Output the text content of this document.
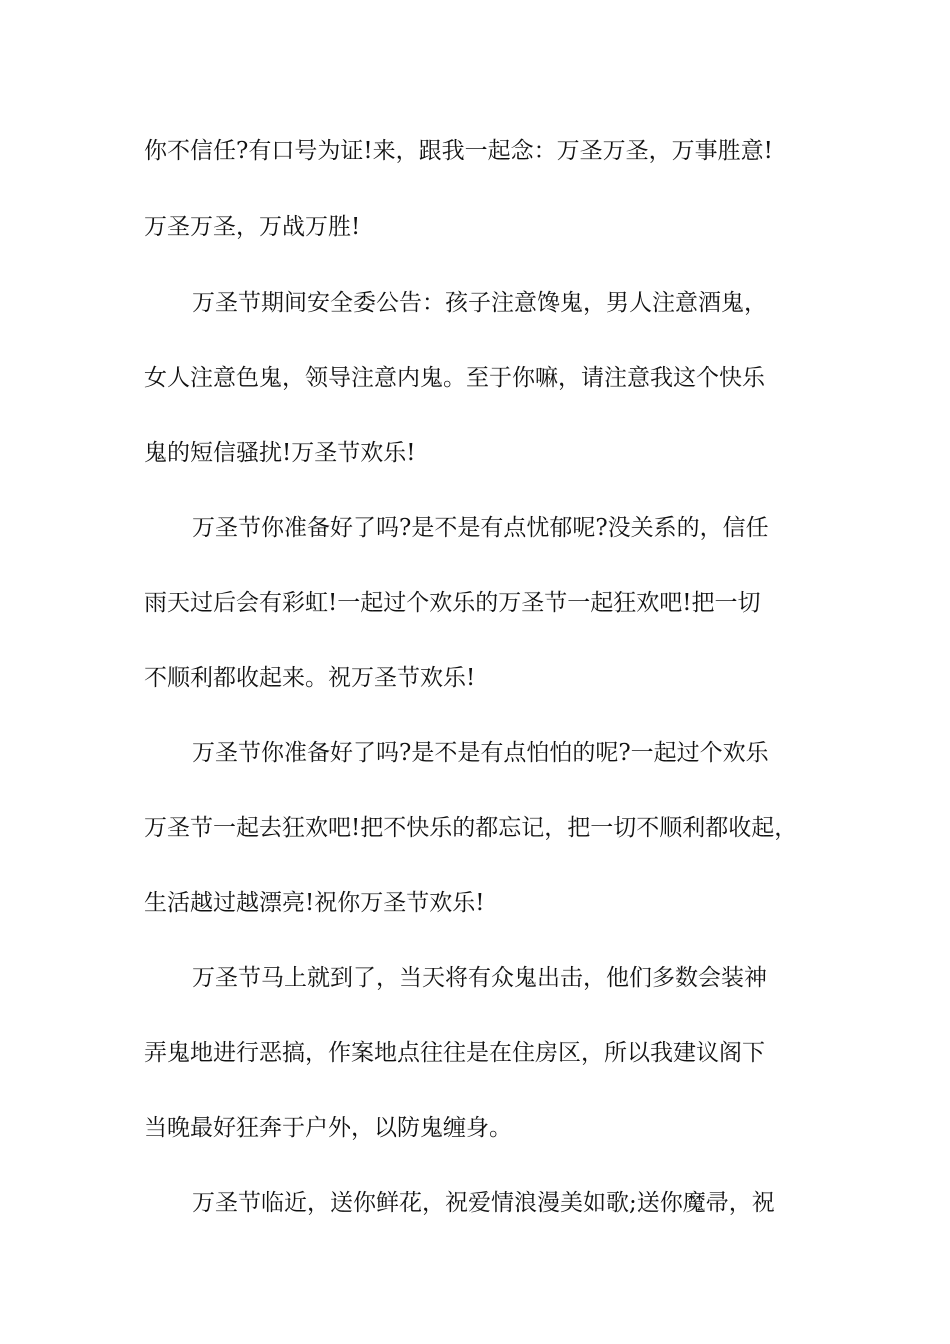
你不信任?有口号为证!来，跟我一起念：万圣万圣，万事胜意!
万圣万圣，万战万胜!
万圣节期间安全委公告：孩子注意馋鬼，男人注意酒鬼，
女人注意色鬼，领导注意内鬼。至于你嘛，请注意我这个快乐
鬼的短信骚扰!万圣节欢乐!
万圣节你准备好了吗?是不是有点忧郁呢?没关系的，信任
雨天过后会有彩虹!一起过个欢乐的万圣节一起狂欢吧!把一切
不顺利都收起来。祝万圣节欢乐!
万圣节你准备好了吗?是不是有点怕怕的呢?一起过个欢乐
万圣节一起去狂欢吧!把不快乐的都忘记，把一切不顺利都收起，
生活越过越漂亮!祝你万圣节欢乐!
万圣节马上就到了，当天将有众鬼出击，他们多数会装神
弄鬼地进行恶搞，作案地点往往是在住房区，所以我建议阁下
当晚最好狂奔于户外，以防鬼缠身。
万圣节临近，送你鲜花，祝爱情浪漫美如歌;送你魔帚，祝
